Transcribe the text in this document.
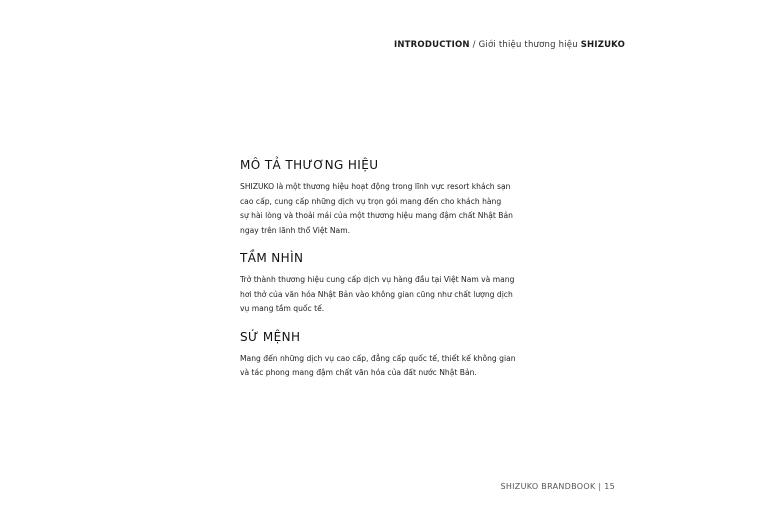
INTRODUCTION / Giới thiệu thương hiệu SHIZUKO
MÔ TẢ THƯƠNG HIỆU

SHIZUKO là một thương hiệu hoạt động trong lĩnh vực resort khách sạn
cao cấp, cung cấp những dịch vụ trọn gói mang đến cho khách hàng
sự hài lòng và thoải mái của một thương hiệu mang đậm chất Nhật Bản
ngay trên lãnh thổ Việt Nam.

TẦM NHÌN

Trở thành thương hiệu cung cấp dịch vụ hàng đầu tại Việt Nam và mang
hơi thở của văn hóa Nhật Bản vào không gian cũng như chất lượng dịch
vụ mang tầm quốc tế.

SỨ MỆNH

Mang đến những dịch vụ cao cấp, đẳng cấp quốc tế, thiết kế không gian
và tác phong mang đậm chất văn hóa của đất nước Nhật Bản.

SHIZUKO BRANDBOOK | 15
